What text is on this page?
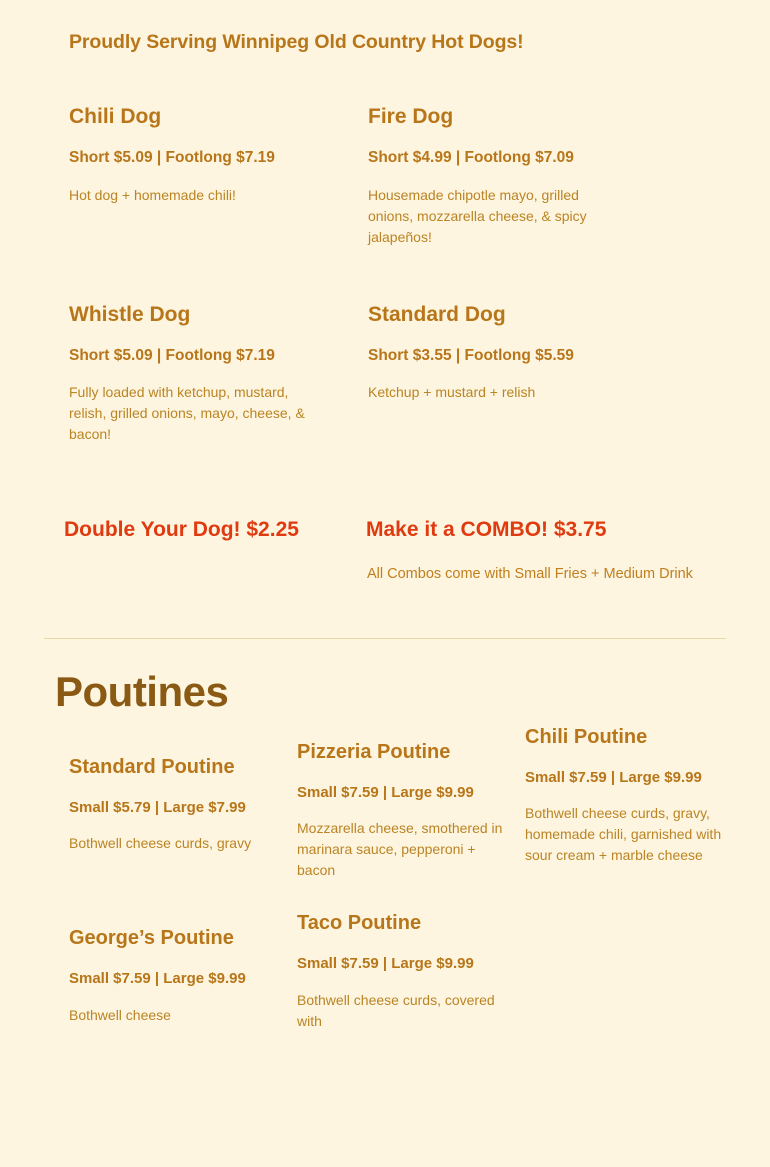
Proudly Serving Winnipeg Old Country Hot Dogs!
Chili Dog
Short $5.09 | Footlong $7.19
Hot dog + homemade chili!
Fire Dog
Short $4.99 | Footlong $7.09
Housemade chipotle mayo, grilled onions, mozzarella cheese, & spicy jalapeños!
Whistle Dog
Short $5.09 | Footlong $7.19
Fully loaded with ketchup, mustard, relish, grilled onions, mayo, cheese, & bacon!
Standard Dog
Short $3.55 | Footlong $5.59
Ketchup + mustard + relish
Double Your Dog! $2.25	Make it a COMBO! $3.75
All Combos come with Small Fries + Medium Drink
Poutines
Standard Poutine
Small $5.79 | Large $7.99
Bothwell cheese curds, gravy
Pizzeria Poutine
Small $7.59 | Large $9.99
Mozzarella cheese, smothered in marinara sauce, pepperoni + bacon
Chili Poutine
Small $7.59 | Large $9.99
Bothwell cheese curds, gravy, homemade chili, garnished with sour cream + marble cheese
George’s Poutine
Small $7.59 | Large $9.99
Bothwell cheese
Taco Poutine
Small $7.59 | Large $9.99
Bothwell cheese curds, covered with
